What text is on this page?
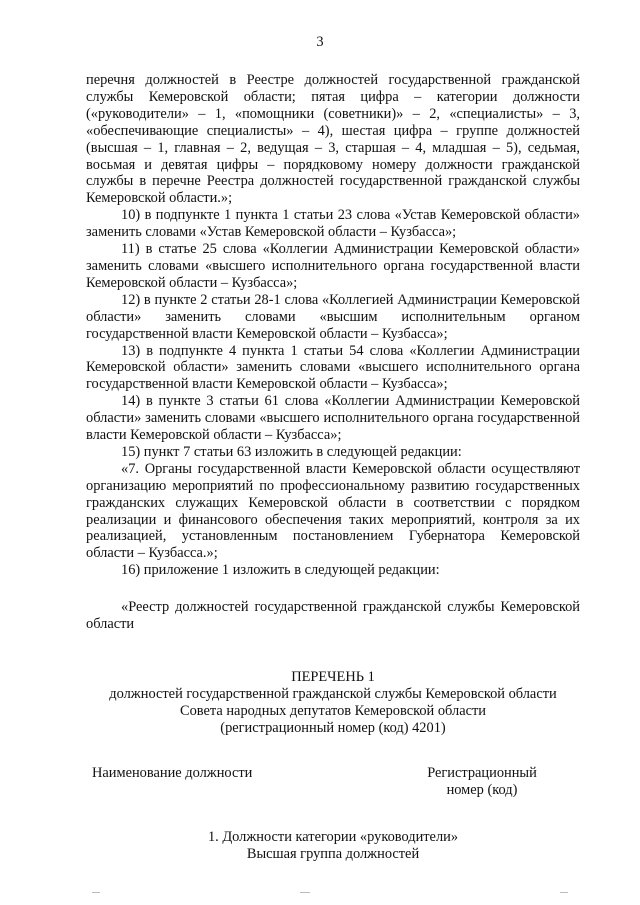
3

перечня должностей в Реестре должностей государственной гражданской службы Кемеровской области; пятая цифра – категории должности («руководители» – 1, «помощники (советники)» – 2, «специалисты» – 3, «обеспечивающие специалисты» – 4), шестая цифра – группе должностей (высшая – 1, главная – 2, ведущая – 3, старшая – 4, младшая – 5), седьмая, восьмая и девятая цифры – порядковому номеру должности гражданской службы в перечне Реестра должностей государственной гражданской службы Кемеровской области.»;

10) в подпункте 1 пункта 1 статьи 23 слова «Устав Кемеровской области» заменить словами «Устав Кемеровской области – Кузбасса»;

11) в статье 25 слова «Коллегии Администрации Кемеровской области» заменить словами «высшего исполнительного органа государственной власти Кемеровской области – Кузбасса»;

12) в пункте 2 статьи 28-1 слова «Коллегией Администрации Кемеровской области» заменить словами «высшим исполнительным органом государственной власти Кемеровской области – Кузбасса»;

13) в подпункте 4 пункта 1 статьи 54 слова «Коллегии Администрации Кемеровской области» заменить словами «высшего исполнительного органа государственной власти Кемеровской области – Кузбасса»;

14) в пункте 3 статьи 61 слова «Коллегии Администрации Кемеровской области» заменить словами «высшего исполнительного органа государственной власти Кемеровской области – Кузбасса»;

15) пункт 7 статьи 63 изложить в следующей редакции:

«7. Органы государственной власти Кемеровской области осуществляют организацию мероприятий по профессиональному развитию государственных гражданских служащих Кемеровской области в соответствии с порядком реализации и финансового обеспечения таких мероприятий, контроля за их реализацией, установленным постановлением Губернатора Кемеровской области – Кузбасса.»;

16) приложение 1 изложить в следующей редакции:

«Реестр должностей государственной гражданской службы Кемеровской области

ПЕРЕЧЕНЬ 1
должностей государственной гражданской службы Кемеровской области
Совета народных депутатов Кемеровской области
(регистрационный номер (код) 4201)
Наименование должности	Регистрационный
номер (код)
1. Должности категории «руководители»
Высшая группа должностей
